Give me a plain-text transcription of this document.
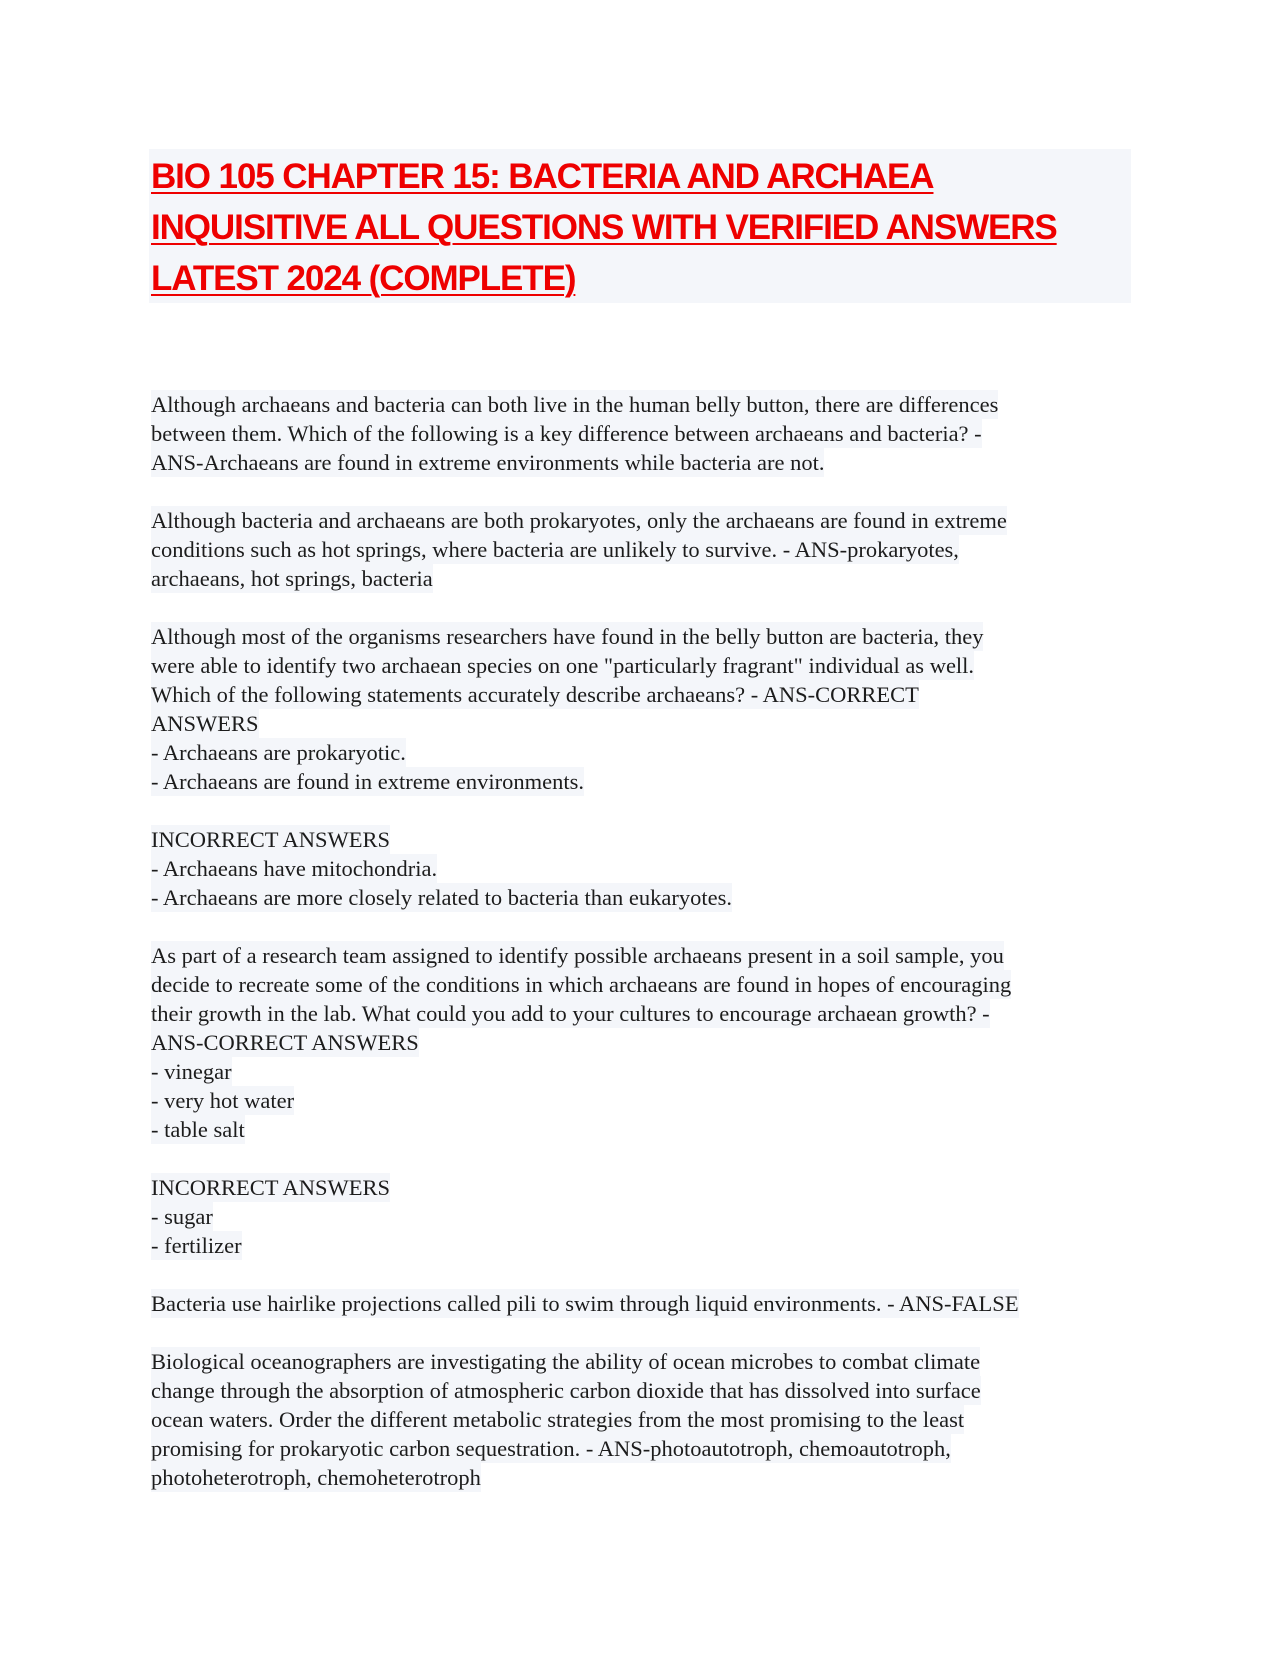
BIO 105 CHAPTER 15: BACTERIA AND ARCHAEA
INQUISITIVE ALL QUESTIONS WITH VERIFIED ANSWERS
LATEST 2024 (COMPLETE)
Although archaeans and bacteria can both live in the human belly button, there are differences
between them. Which of the following is a key difference between archaeans and bacteria? -
ANS-Archaeans are found in extreme environments while bacteria are not.
Although bacteria and archaeans are both prokaryotes, only the archaeans are found in extreme
conditions such as hot springs, where bacteria are unlikely to survive. - ANS-prokaryotes,
archaeans, hot springs, bacteria
Although most of the organisms researchers have found in the belly button are bacteria, they
were able to identify two archaean species on one "particularly fragrant" individual as well.
Which of the following statements accurately describe archaeans? - ANS-CORRECT
ANSWERS
- Archaeans are prokaryotic.
- Archaeans are found in extreme environments.
INCORRECT ANSWERS
- Archaeans have mitochondria.
- Archaeans are more closely related to bacteria than eukaryotes.
As part of a research team assigned to identify possible archaeans present in a soil sample, you
decide to recreate some of the conditions in which archaeans are found in hopes of encouraging
their growth in the lab. What could you add to your cultures to encourage archaean growth? -
ANS-CORRECT ANSWERS
- vinegar
- very hot water
- table salt
INCORRECT ANSWERS
- sugar
- fertilizer
Bacteria use hairlike projections called pili to swim through liquid environments. - ANS-FALSE
Biological oceanographers are investigating the ability of ocean microbes to combat climate
change through the absorption of atmospheric carbon dioxide that has dissolved into surface
ocean waters. Order the different metabolic strategies from the most promising to the least
promising for prokaryotic carbon sequestration. - ANS-photoautotroph, chemoautotroph,
photoheterotroph, chemoheterotroph
